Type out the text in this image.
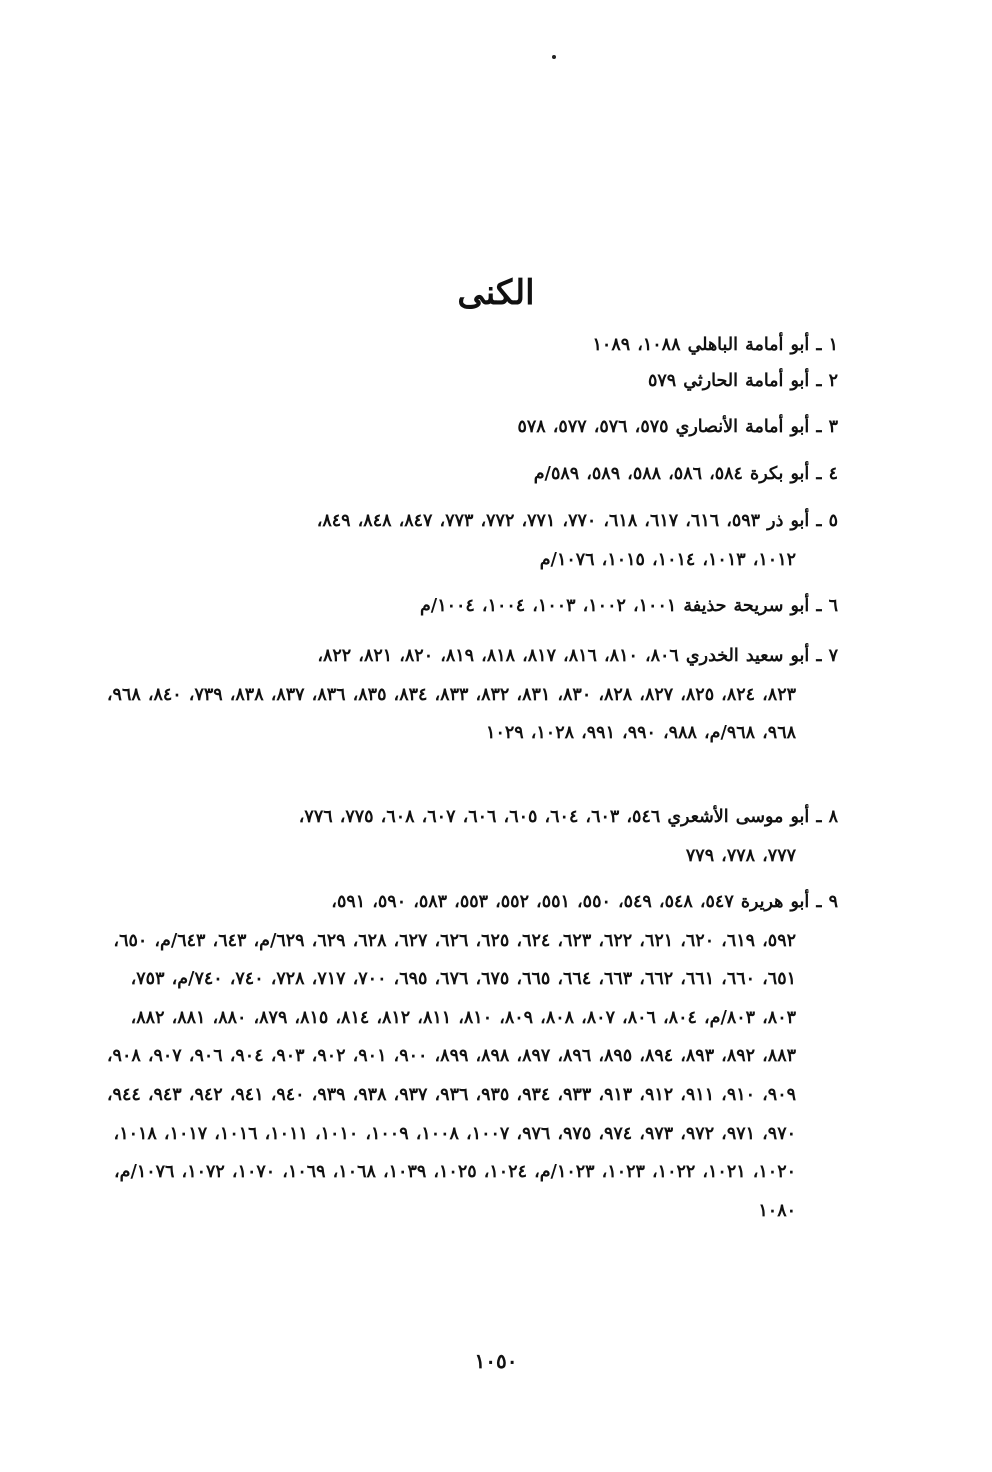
الكنى
١ ـ أبو أمامة الباهلي ١٠٨٨، ١٠٨٩
٢ ـ أبو أمامة الحارثي ٥٧٩
٣ ـ أبو أمامة الأنصاري ٥٧٥، ٥٧٦، ٥٧٧، ٥٧٨
٤ ـ أبو بكرة ٥٨٤، ٥٨٦، ٥٨٨، ٥٨٩، ٥٨٩/م
٥ ـ أبو ذر ٥٩٣، ٦١٦، ٦١٧، ٦١٨، ٧٧٠، ٧٧١، ٧٧٢، ٧٧٣، ٨٤٧، ٨٤٨، ٨٤٩،
١٠١٢، ١٠١٣، ١٠١٤، ١٠١٥، ١٠٧٦/م
٦ ـ أبو سريحة حذيفة ١٠٠١، ١٠٠٢، ١٠٠٣، ١٠٠٤، ١٠٠٤/م
٧ ـ أبو سعيد الخدري ٨٠٦، ٨١٠، ٨١٦، ٨١٧، ٨١٨، ٨١٩، ٨٢٠، ٨٢١، ٨٢٢،
٨٢٣، ٨٢٤، ٨٢٥، ٨٢٧، ٨٢٨، ٨٣٠، ٨٣١، ٨٣٢، ٨٣٣، ٨٣٤، ٨٣٥، ٨٣٦، ٨٣٧، ٨٣٨، ٧٣٩، ٨٤٠، ٩٦٨، ٩٦٨، ٩٦٨/م، ٩٨٨، ٩٩٠، ٩٩١، ١٠٢٨، ١٠٢٩
٨ ـ أبو موسى الأشعري ٥٤٦، ٦٠٣، ٦٠٤، ٦٠٥، ٦٠٦، ٦٠٧، ٦٠٨، ٧٧٥، ٧٧٦،
٧٧٧، ٧٧٨، ٧٧٩
٩ ـ أبو هريرة ٥٤٧، ٥٤٨، ٥٤٩، ٥٥٠، ٥٥١، ٥٥٢، ٥٥٣، ٥٨٣، ٥٩٠، ٥٩١،
٥٩٢، ٦١٩، ٦٢٠، ٦٢١، ٦٢٢، ٦٢٣، ٦٢٤، ٦٢٥، ٦٢٦، ٦٢٧، ٦٢٨، ٦٢٩، ٦٢٩/م، ٦٤٣، ٦٤٣/م، ٦٥٠، ٦٥١، ٦٦٠، ٦٦١، ٦٦٢، ٦٦٣، ٦٦٤، ٦٦٥، ٦٧٥، ٦٧٦، ٦٩٥، ٧٠٠، ٧١٧، ٧٢٨، ٧٤٠، ٧٤٠/م، ٧٥٣، ٨٠٣، ٨٠٣/م، ٨٠٤، ٨٠٦، ٨٠٧، ٨٠٨، ٨٠٩، ٨١٠، ٨١١، ٨١٢، ٨١٤، ٨١٥، ٨٧٩، ٨٨٠، ٨٨١، ٨٨٢، ٨٨٣، ٨٩٢، ٨٩٣، ٨٩٤، ٨٩٥، ٨٩٦، ٨٩٧، ٨٩٨، ٨٩٩، ٩٠٠، ٩٠١، ٩٠٢، ٩٠٣، ٩٠٤، ٩٠٦، ٩٠٧، ٩٠٨، ٩٠٩، ٩١٠، ٩١١، ٩١٢، ٩١٣، ٩٣٣، ٩٣٤، ٩٣٥، ٩٣٦، ٩٣٧، ٩٣٨، ٩٣٩، ٩٤٠، ٩٤١، ٩٤٢، ٩٤٣، ٩٤٤، ٩٧٠، ٩٧١، ٩٧٢، ٩٧٣، ٩٧٤، ٩٧٥، ٩٧٦، ١٠٠٧، ١٠٠٨، ١٠٠٩، ١٠١٠، ١٠١١، ١٠١٦، ١٠١٧، ١٠١٨، ١٠٢٠، ١٠٢١، ١٠٢٢، ١٠٢٣، ١٠٢٣/م، ١٠٢٤، ١٠٢٥، ١٠٣٩، ١٠٦٨، ١٠٦٩، ١٠٧٠، ١٠٧٢، ١٠٧٦/م، ١٠٨٠
١٠٥٠
